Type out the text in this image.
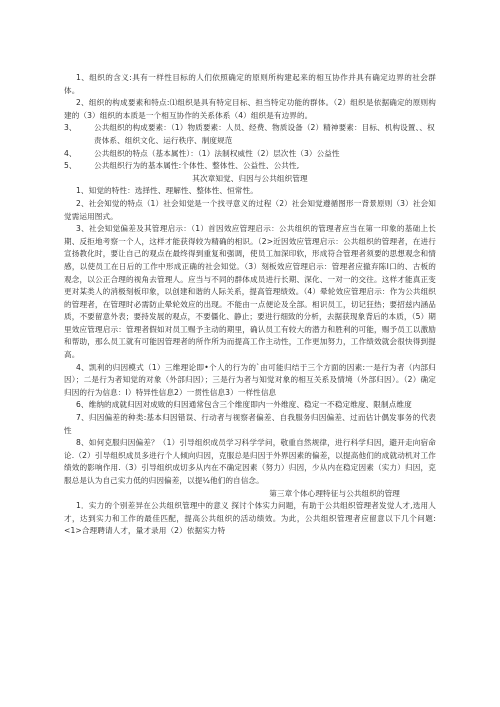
1、组织的含义:具有一样性目标的人们依照确定的原则所构建起来的相互协作并具有确定边界的社会群体。

2、组织的构成要素和特点:⑴组织是具有特定目标、担当特定功能的群体。（2）组织是依据确定的原则构建的（3）组织的本质是一个相互协作的关系体系（4）组织是有边界的。

3、	公共组织的构成要素：（1）物质要素：人员、经费、物质设备（2）精神要素：目标、机构设置、、权责体系、组织文化、运行秩序、制度规范
4、	公共组织的特点（基本属性）：（1）法制权威性（2）层次性（3）公益性
5、	公共组织行为的基本属性:个体性、整体性、公益性、公共性,

其次章知觉、归因与公共组织管理

1、知觉的特性：选择性、理解性、整体性、恒常性。

2、社会知觉的特点（1）社会知觉是一个找寻意义的过程（2）社会知觉遵循图形一背景原则（3）社会知觉需运用图式。

3、社会知觉偏差及其管理启示：（1）首因效应管理启示：公共组织的管理者应当在第一印象的基础上长期、反拒地考察一个人，这样才能获得较为精确的相识。（2>近因效应管理启示：公共组织的管理者，在进行宣扬教化时，要让自己的观点在最终得到重复和强调，使员工加深印软，形成符合管理者须要的思想观念和情感，以使员工在日后的工作中形成正确的社会知觉。（3）刻板效应管理启示：管理者应撤弃陈I口的、古板的观念，以公正合理的视角去管理人。应当与不同的群体成员进行长期、深化、一对一的交往。这样才能真正变更对某类人的消极刻板印象，以创建和谐的人际关系，提高管理绩效。（4）晕轮效应管理启示：作为公共组织的管理者，在管理时必需防止晕轮效应的出现。不能由一点便论及全部。相识员工，切记狂热；要招兹内涵品质，不要留意外表；要持发展的观点，不要僵化、静止；要进行细致的分析，去据获现象背后的本质，（5）期里效应管理启示：管理者假如对员工赐予主动的期里，确认员工有较大的潜力和胜利的可能，赐予员工以激励和帮助，那么员工就有可能因管理者的所作所为而提高工作主动性，工作更加努力，工作绩效就会很快得到提高。

4、凯利的归因模式（1）三维理论即•个人的行为的`由可能归结于三个方面的因素:一是行为者（内部归因）；二是行为者知觉的对象（外部归因）；三是行为者与知觉对象的相互关系及情境（外部归因）。（2）确定归因的行为信息：I）特异性信息2）一贯性信息3）一样性信息

6、维纳的成就归因对成败的归因通常包含三个维度即内一外维度、稳定一不稳定维度、限制点维度

7、归因偏差的种类:基本归因错误、行动者与视察者偏差、自我服务归因偏差、过而估计偶发事务的代表性

8、如何克服归因偏差？（1）引导组织成员学习科学学问，敬重自然规律，进行科学归因，避开走向宿命论.（2）引导组织成员多进行个人倾向归因，克服总是归因于外界因素的偏差，以提高他们的成就动机对工作绩效的影响作用.（3）引导组织成切多从内在不确定因素（努力）归因，少从内在稳定因素（实力）归因，克服总是认为自己实力低的归因偏差，以提¼他们的自信念。

第三章个体心理特征与公共组织的管理

1．实力的个别差异在公共组织管理中的意义 探讨个体实力问题，有助于公共组织管理者发觉人才,选用人才，达到实力和工作的最佳匹配，提高公共组织的活动绩效。为此，公共组织管理者应留意以下几个问题:<1>合理聘请人才，量才录用（2）依据实力特
